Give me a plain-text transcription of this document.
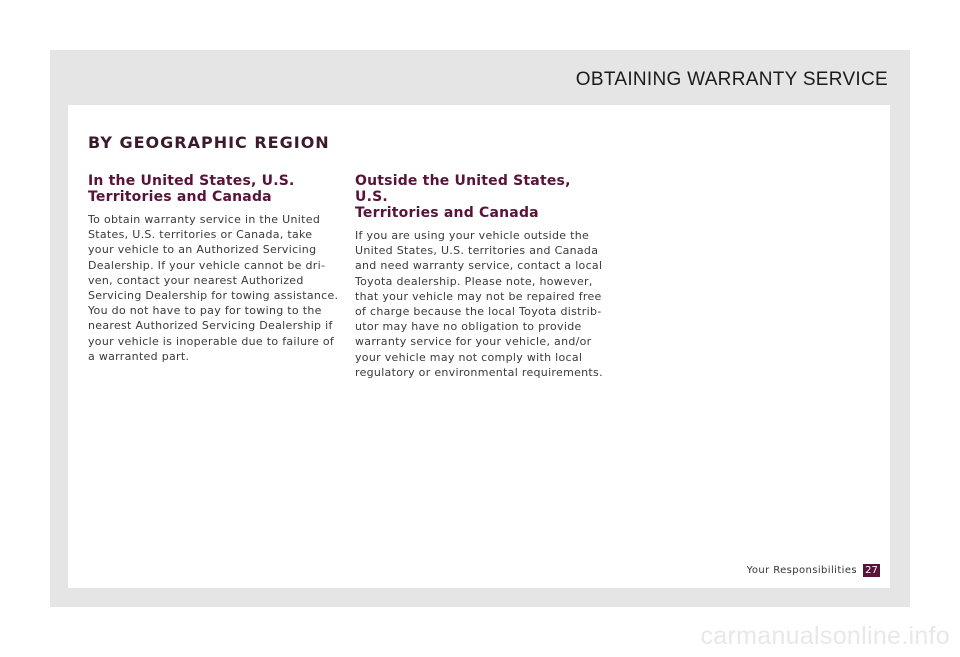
OBTAINING WARRANTY SERVICE
BY GEOGRAPHIC REGION
In the United States, U.S.
Territories and Canada
To obtain warranty service in the United
States, U.S. territories or Canada, take
your vehicle to an Authorized Servicing
Dealership. If your vehicle cannot be dri-
ven, contact your nearest Authorized
Servicing Dealership for towing assistance.
You do not have to pay for towing to the
nearest Authorized Servicing Dealership if
your vehicle is inoperable due to failure of
a warranted part.
Outside the United States, U.S.
Territories and Canada
If you are using your vehicle outside the
United States, U.S. territories and Canada
and need warranty service, contact a local
Toyota dealership. Please note, however,
that your vehicle may not be repaired free
of charge because the local Toyota distrib-
utor may have no obligation to provide
warranty service for your vehicle, and/or
your vehicle may not comply with local
regulatory or environmental requirements.
Your Responsibilities 27
carmanualsonline.info
